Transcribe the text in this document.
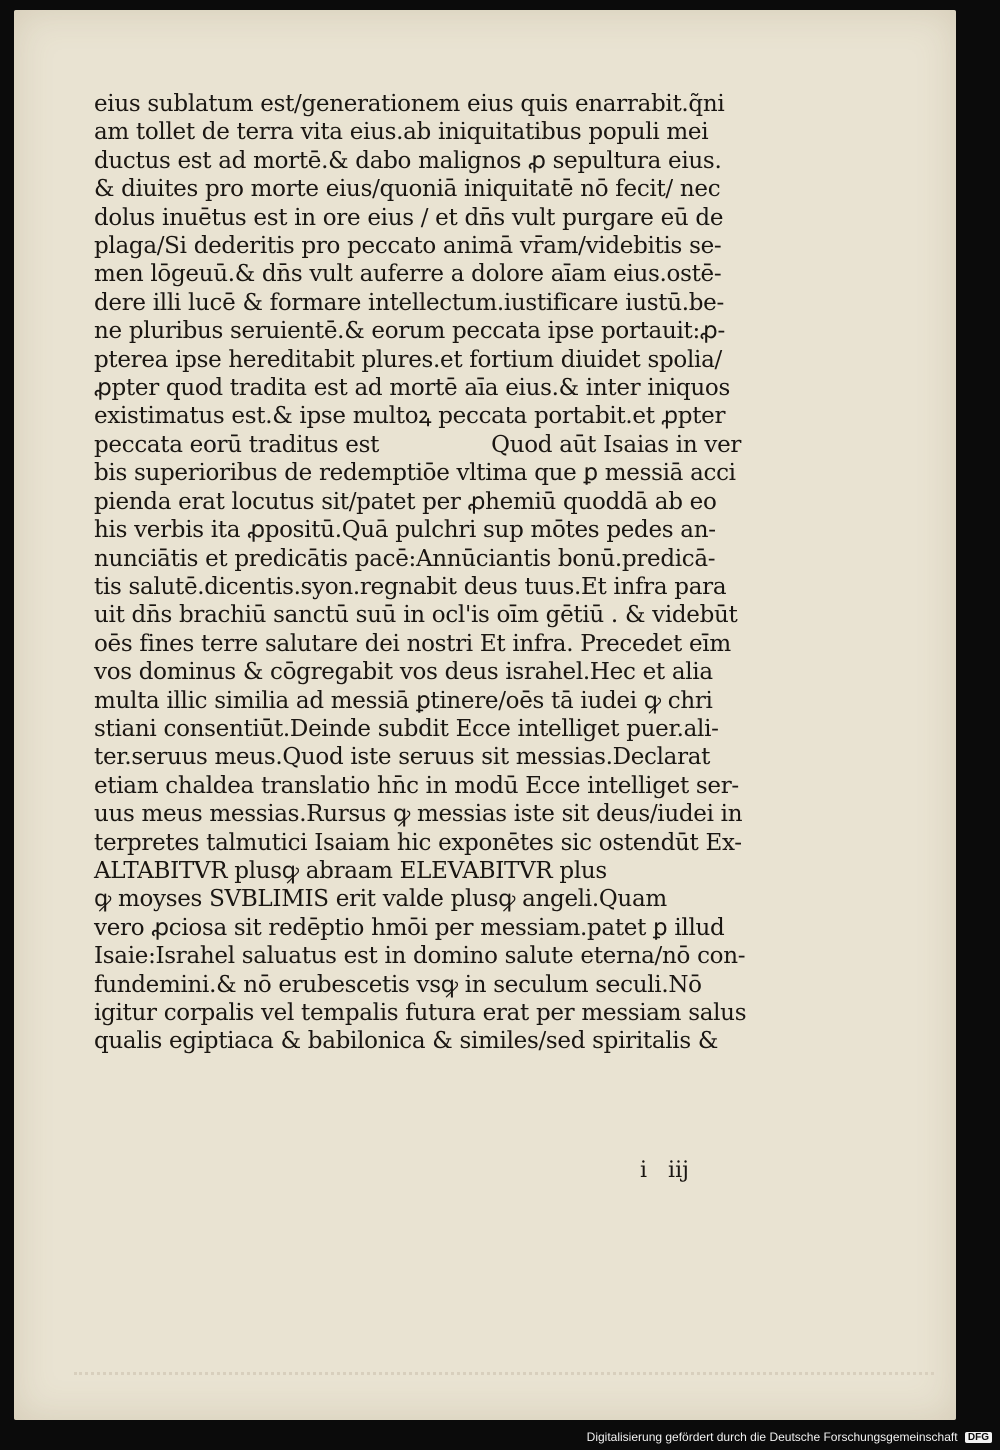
eius sublatum est/generationem eius quis enarrabit.q̃ni
am tollet de terra vita eius.ab iniquitatibus populi mei
ductus est ad mortē.& dabo malignos ꝓ sepultura eius.
& diuites pro morte eius/quoniā iniquitatē nō fecit/ nec
dolus inuētus est in ore eius / et dn̄s vult purgare eū de
plaga/Si dederitis pro peccato animā vr̄am/videbitis se-
men lōgeuū.& dn̄s vult auferre a dolore aīam eius.ostē-
dere illi lucē & formare intellectum.iustificare iustū.be-
ne pluribus seruientē.& eorum peccata ipse portauit:ꝓ-
pterea ipse hereditabit plures.et fortium diuidet spolia/
ꝓpter quod tradita est ad mortē aīa eius.& inter iniquos
existimatus est.& ipse multoꝝ peccata portabit.et ꝓpter
peccata eorū traditus est                Quod aūt Isaias in ver
bis superioribus de redemptiōe vltima que ꝑ messiā acci
pienda erat locutus sit/patet per ꝓhemiū quoddā ab eo
his verbis ita ꝓpositū.Quā pulchri sup mōtes pedes an-
nunciātis et predicātis pacē:Annūciantis bonū.predicā-
tis salutē.dicentis.syon.regnabit deus tuus.Et infra para
uit dn̄s brachiū sanctū suū in ocl'is oīm gētiū . & videbūt
oēs fines terre salutare dei nostri Et infra. Precedet eīm
vos dominus & cōgregabit vos deus israhel.Hec et alia
multa illic similia ad messiā ꝑtinere/oēs tā iudei ꝙ chri
stiani consentiūt.Deinde subdit Ecce intelliget puer.ali-
ter.seruus meus.Quod iste seruus sit messias.Declarat
etiam chaldea translatio hn̄c in modū Ecce intelliget ser-
uus meus messias.Rursus ꝙ messias iste sit deus/iudei in
terpretes talmutici Isaiam hic exponētes sic ostendūt Ex-
ALTABITVR plusꝙ abraam ELEVABITVR plus
ꝙ moyses SVBLIMIS erit valde plusꝙ angeli.Quam
vero ꝓciosa sit redēptio hmōi per messiam.patet ꝑ illud
Isaie:Israhel saluatus est in domino salute eterna/nō con-
fundemini.& nō erubescetis vsꝙ in seculum seculi.Nō
igitur corpalis vel tempalis futura erat per messiam salus
qualis egiptiaca & babilonica & similes/sed spiritalis &
i iij
Digitalisierung gefördert durch die Deutsche Forschungsgemeinschaft DFG
